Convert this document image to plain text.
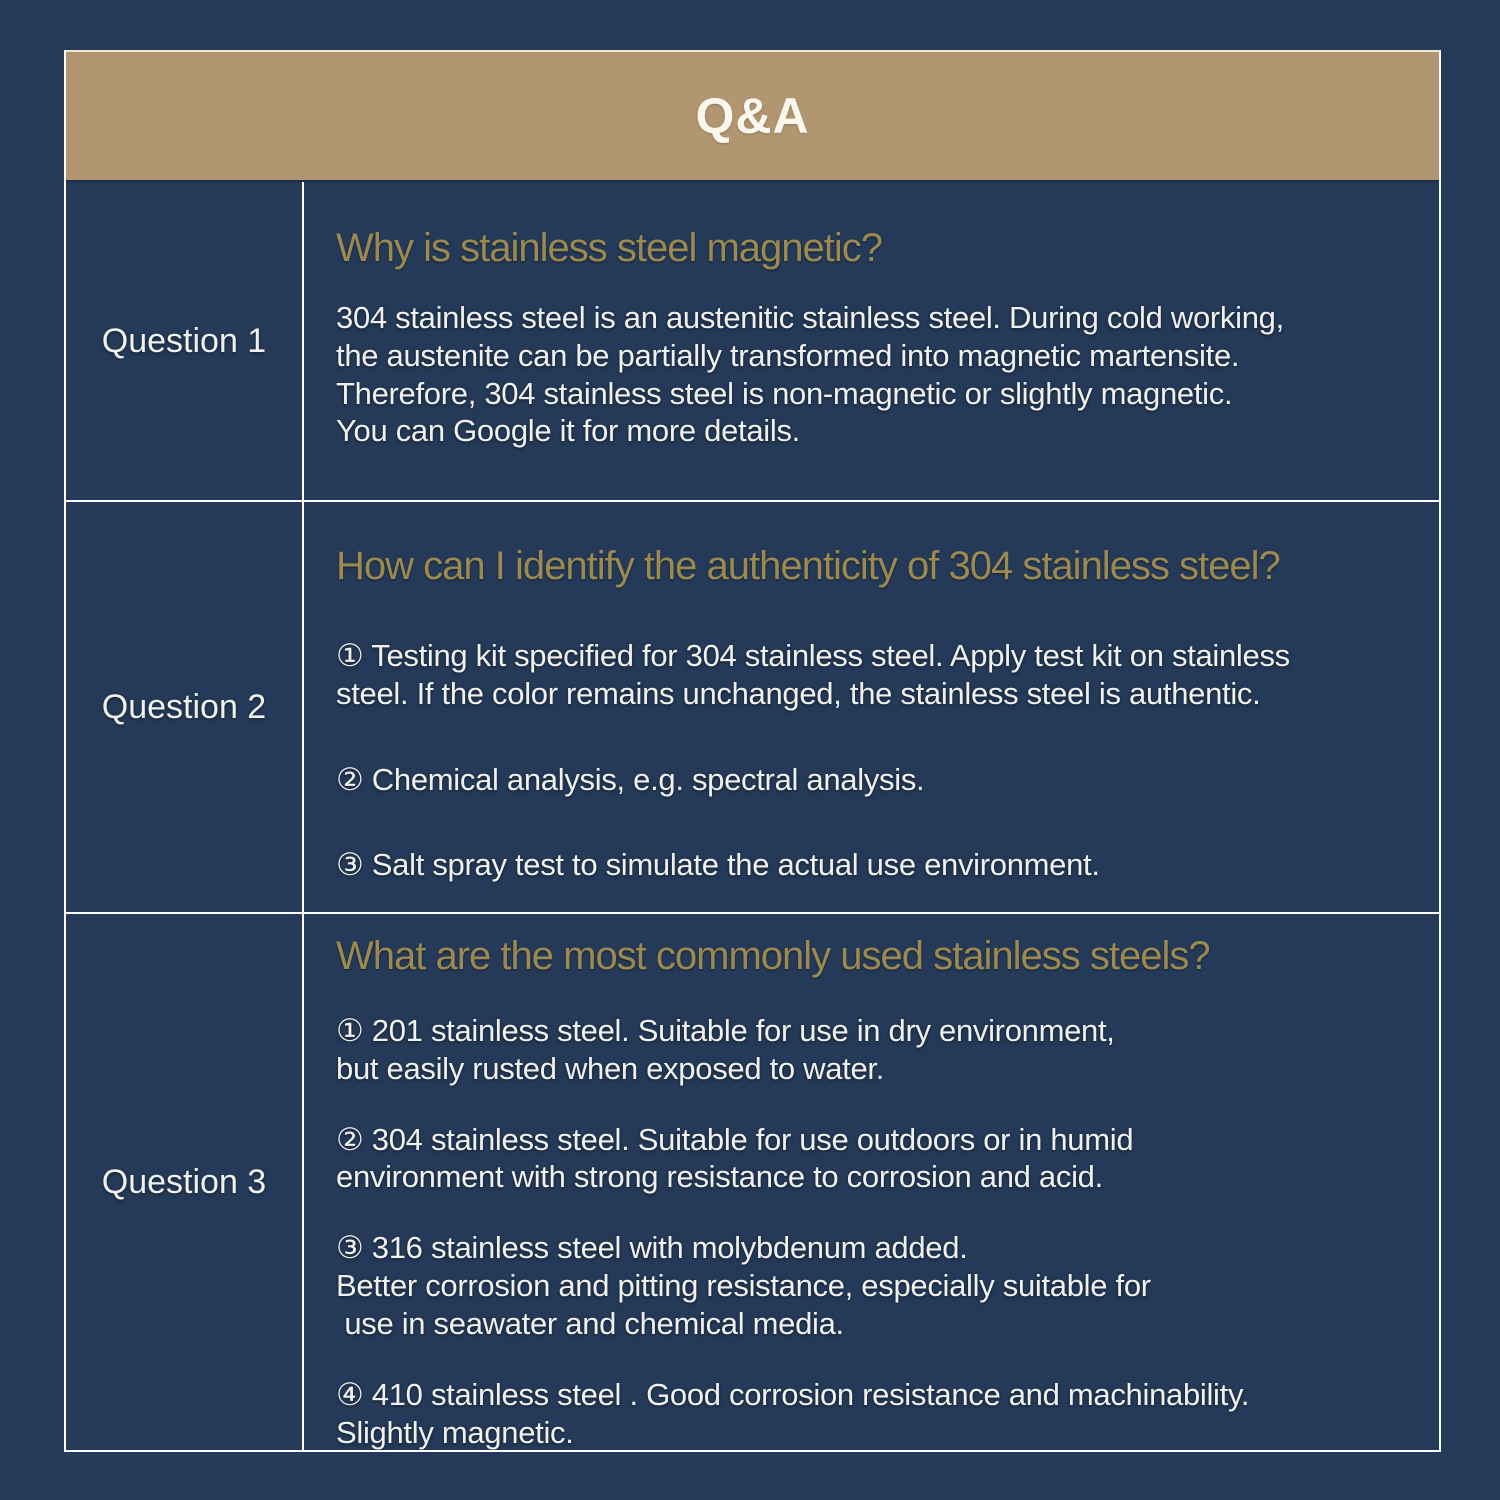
Q&A
Question 1
Why is stainless steel magnetic?
304 stainless steel is an austenitic stainless steel. During cold working,
the austenite can be partially transformed into magnetic martensite.
Therefore, 304 stainless steel is non-magnetic or slightly magnetic.
You can Google it for more details.
Question 2
How can I identify the authenticity of 304 stainless steel?
① Testing kit specified for 304 stainless steel. Apply test kit on stainless
steel. If the color remains unchanged, the stainless steel is authentic.
② Chemical analysis, e.g. spectral analysis.
③ Salt spray test to simulate the actual use environment.
Question 3
What are the most commonly used stainless steels?
① 201 stainless steel. Suitable for use in dry environment,
but easily rusted when exposed to water.
② 304 stainless steel. Suitable for use outdoors or in humid
environment with strong resistance to corrosion and acid.
③ 316 stainless steel with molybdenum added.
Better corrosion and pitting resistance, especially suitable for
use in seawater and chemical media.
④ 410 stainless steel . Good corrosion resistance and machinability.
Slightly magnetic.
